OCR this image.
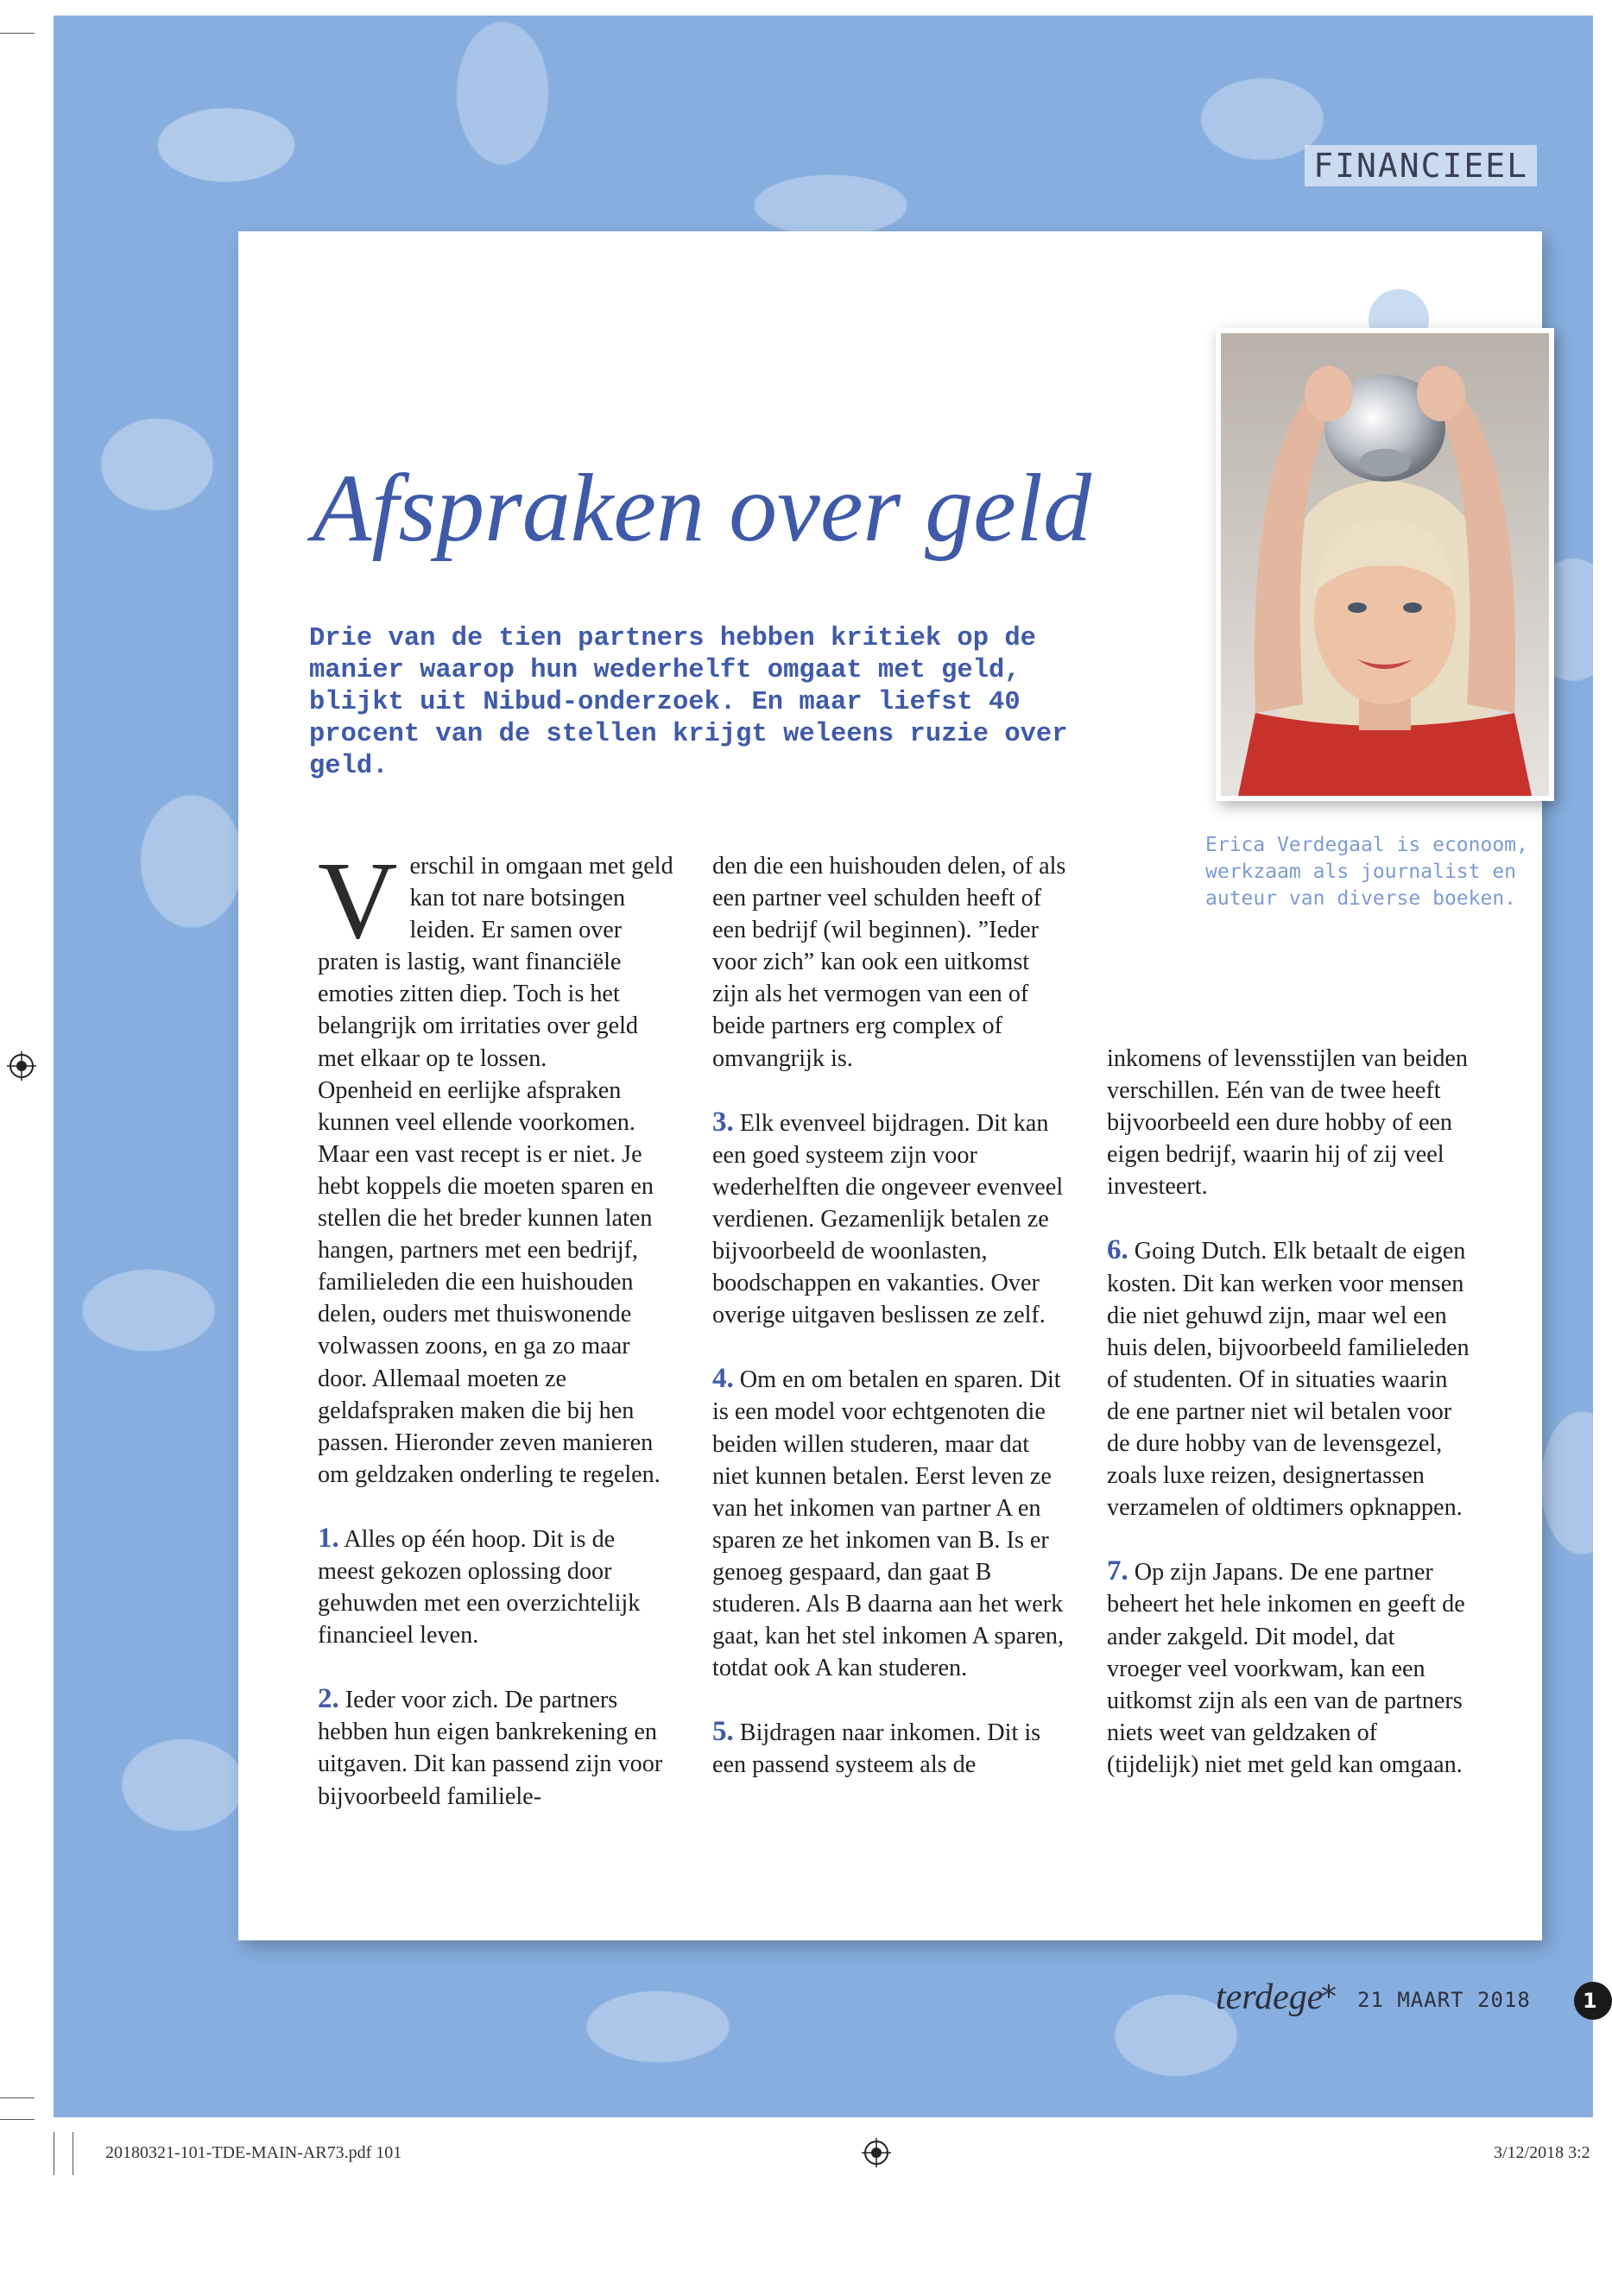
FINANCIEEL
Erica Verdegaal is econoom, werkzaam als journalist en auteur van diverse boeken.
Afspraken over geld

Drie van de tien partners hebben kritiek op de manier waarop hun wederhelft omgaat met geld, blijkt uit Nibud-onderzoek. En maar liefst 40 procent van de stellen krijgt weleens ruzie over geld.

Verschil in omgaan met geld kan tot nare botsingen leiden. Er samen over praten is lastig, want financiële emoties zitten diep. Toch is het belangrijk om irritaties over geld met elkaar op te lossen.

Openheid en eerlijke afspraken kunnen veel ellende voorkomen. Maar een vast recept is er niet. Je hebt koppels die moeten sparen en stellen die het breder kunnen laten hangen, partners met een bedrijf, familieleden die een huishouden delen, ouders met thuiswonende volwassen zoons, en ga zo maar door. Allemaal moeten ze geldafspraken maken die bij hen passen. Hieronder zeven manieren om geldzaken onderling te regelen.

1. Alles op één hoop. Dit is de meest gekozen oplossing door gehuwden met een overzichtelijk financieel leven.

2. Ieder voor zich. De partners hebben hun eigen bankrekening en uitgaven. Dit kan passend zijn voor bijvoorbeeld familiele-

den die een huishouden delen, of als een partner veel schulden heeft of een bedrijf (wil beginnen). ”Ieder voor zich” kan ook een uitkomst zijn als het vermogen van een of beide partners erg complex of omvangrijk is.

3. Elk evenveel bijdragen. Dit kan een goed systeem zijn voor wederhelften die ongeveer evenveel verdienen. Gezamenlijk betalen ze bijvoorbeeld de woonlasten, boodschappen en vakanties. Over overige uitgaven beslissen ze zelf.

4. Om en om betalen en sparen. Dit is een model voor echtgenoten die beiden willen studeren, maar dat niet kunnen betalen. Eerst leven ze van het inkomen van partner A en sparen ze het inkomen van B. Is er genoeg gespaard, dan gaat B studeren. Als B daarna aan het werk gaat, kan het stel inkomen A sparen, totdat ook A kan studeren.

5. Bijdragen naar inkomen. Dit is een passend systeem als de

inkomens of levensstijlen van beiden verschillen. Eén van de twee heeft bijvoorbeeld een dure hobby of een eigen bedrijf, waarin hij of zij veel investeert.

6. Going Dutch. Elk betaalt de eigen kosten. Dit kan werken voor mensen die niet gehuwd zijn, maar wel een huis delen, bijvoorbeeld familieleden of studenten. Of in situaties waarin de ene partner niet wil betalen voor de dure hobby van de levensgezel, zoals luxe reizen, designertassen verzamelen of oldtimers opknappen.

7. Op zijn Japans. De ene partner beheert het hele inkomen en geeft de ander zakgeld. Dit model, dat vroeger veel voorkwam, kan een uitkomst zijn als een van de partners niets weet van geldzaken of (tijdelijk) niet met geld kan omgaan.

terdege
* 21 MAART 2018	1
20180321-101-TDE-MAIN-AR73.pdf 101	3/12/2018 3:2
